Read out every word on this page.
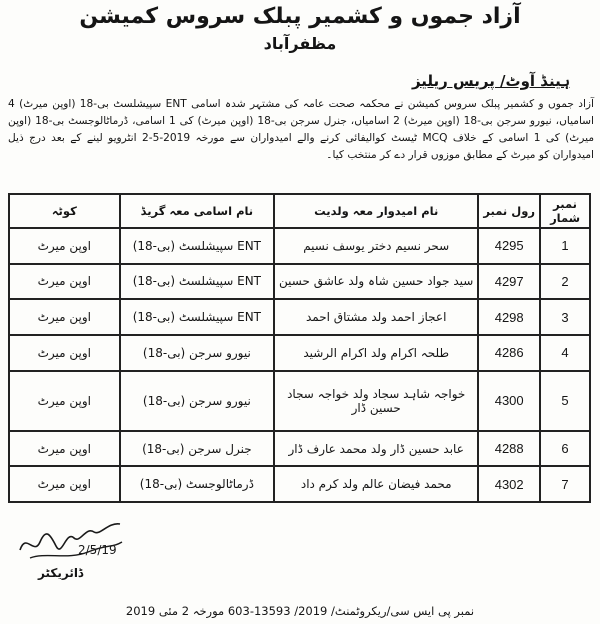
آزاد جموں و کشمیر پبلک سروس کمیشن
مظفرآباد
ہینڈ آوٹ/ پریس ریلیز
آزاد جموں و کشمیر پبلک سروس کمیشن نے محکمہ صحت عامہ کی مشتہر شدہ اسامی ENT سپیشلسٹ بی-18 (اوپن میرٹ) 4 اسامیاں، نیورو سرجن بی-18 (اوپن میرٹ) 2 اسامیاں، جنرل سرجن بی-18 (اوپن میرٹ) کی 1 اسامی، ڈرماٹالوجسٹ بی-18 (اوپن میرٹ) کی 1 اسامی کے خلاف MCQ ٹیسٹ کوالیفائی کرنے والے امیدواران سے مورخہ 2019-5-2 انٹرویو لینے کے بعد درج ذیل امیدواران کو میرٹ کے مطابق موزوں قرار دے کر منتخب کیا۔
نمبر شمار	رول نمبر	نام امیدوار معہ ولدیت	نام اسامی معہ گریڈ	کوٹہ
1	4295	سحر نسیم دختر یوسف نسیم	ENT سپیشلسٹ (بی-18)	اوپن میرٹ
2	4297	سید جواد حسین شاہ ولد عاشق حسین	ENT سپیشلسٹ (بی-18)	اوپن میرٹ
3	4298	اعجاز احمد ولد مشتاق احمد	ENT سپیشلسٹ (بی-18)	اوپن میرٹ
4	4286	طلحہ اکرام ولد اکرام الرشید	نیورو سرجن (بی-18)	اوپن میرٹ
5	4300	خواجہ شاہد سجاد ولد خواجہ سجاد حسین ڈار	نیورو سرجن (بی-18)	اوپن میرٹ
6	4288	عابد حسین ڈار ولد محمد عارف ڈار	جنرل سرجن (بی-18)	اوپن میرٹ
7	4302	محمد فیضان عالم ولد کرم داد	ڈرماٹالوجسٹ (بی-18)	اوپن میرٹ
2/5/19
ڈائریکٹر
نمبر پی ایس سی/ریکروٹمنٹ/ 2019/ 13593-603 مورخہ 2 مئی 2019
